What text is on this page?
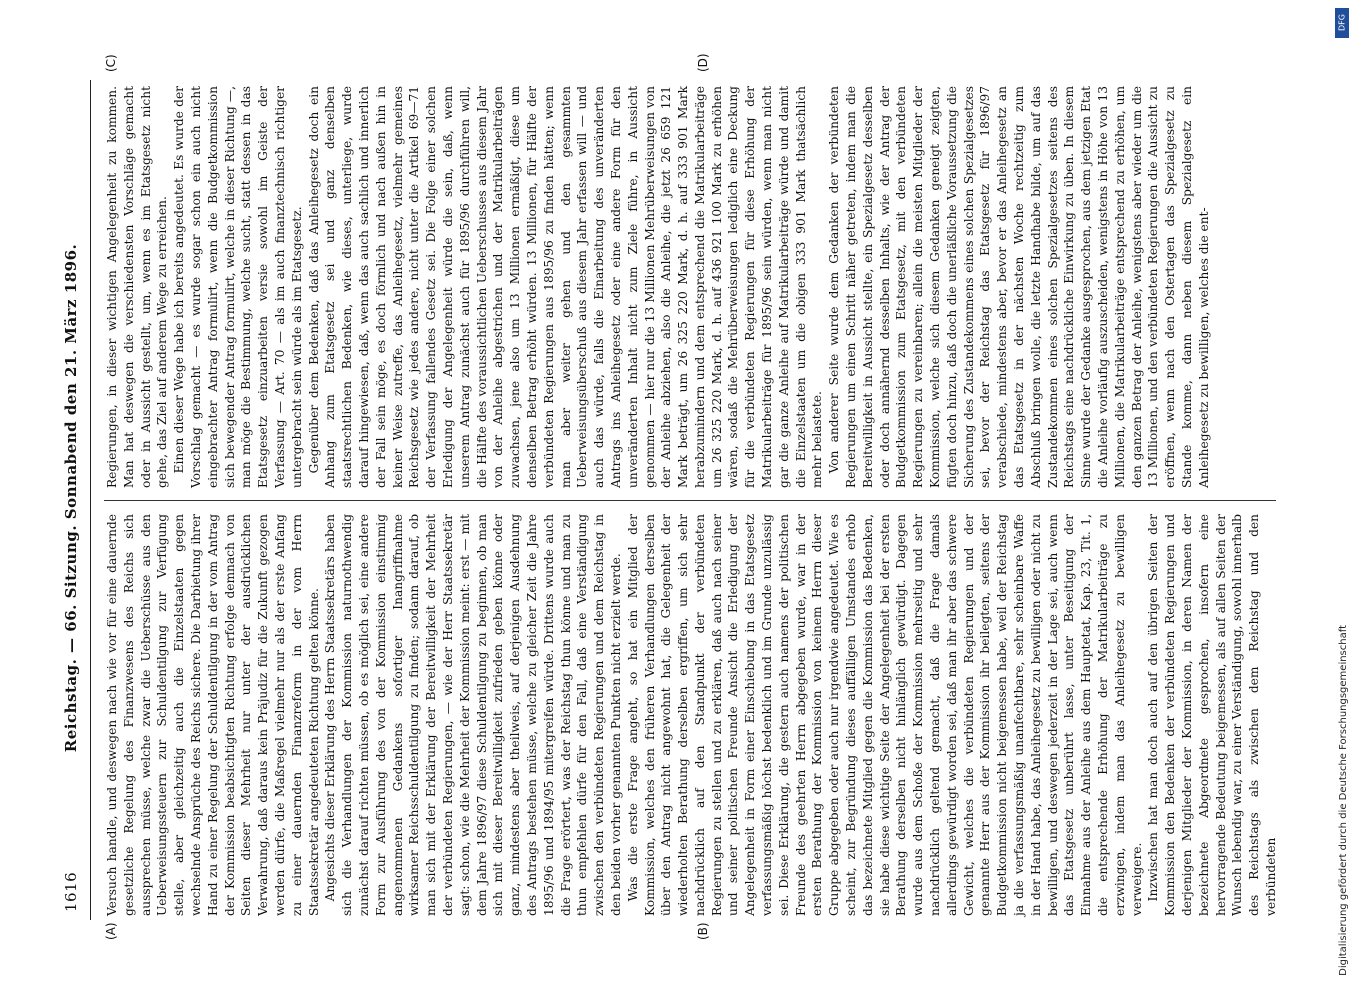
1616
Reichstag. — 66. Sitzung. Sonnabend den 21. März 1896.
(A)	(B)
(C)	(D)

Versuch handle, und deswegen nach wie vor für eine dauernde gesetzliche Regelung des Finanzwesens des Reichs sich aussprechen müsse, welche zwar die Ueberschüsse aus den Ueberweisungssteuern zur Schuldentilgung zur Verfügung stelle, aber gleichzeitig auch die Einzelstaaten gegen wechselnde Ansprüche des Reichs sichere. Die Darbietung ihrer Hand zu einer Regelung der Schuldentilgung in der vom Antrag der Kommission beabsichtigten Richtung erfolge demnach von Seiten dieser Mehrheit nur unter der ausdrücklichen Verwahrung, daß daraus kein Präjudiz für die Zukunft gezogen werden dürfe, die Maßregel vielmehr nur als der erste Anfang zu einer dauernden Finanzreform in der vom Herrn Staatssekretär angedeuteten Richtung gelten könne. Angesichts dieser Erklärung des Herrn Staatssekretärs haben sich die Verhandlungen der Kommission naturnothwendig zunächst darauf richten müssen, ob es möglich sei, eine andere Form zur Ausführung des von der Kommission einstimmig angenommenen Gedankens sofortiger Inangriffnahme wirksamer Reichsschuldentilgung zu finden; sodann darauf, ob man sich mit der Erklärung der Bereitwilligkeit der Mehrheit der verbündeten Regierungen, — wie der Herr Staatssekretär sagt: schon, wie die Mehrheit der Kommission meint: erst — mit dem Jahre 1896/97 diese Schuldentilgung zu beginnen, ob man sich mit dieser Bereitwilligkeit zufrieden geben könne oder ganz, mindestens aber theilweis, auf derjenigen Ausdehnung des Antrags bestehen müsse, welche zu gleicher Zeit die Jahre 1895/96 und 1894/95 mitergreifen würde. Drittens wurde auch die Frage erörtert, was der Reichstag thun könne und man zu thun empfehlen dürfe für den Fall, daß eine Verständigung zwischen den verbündeten Regierungen und dem Reichstag in den beiden vorher genannten Punkten nicht erzielt werde. Was die erste Frage angeht, so hat ein Mitglied der Kommission, welches den früheren Verhandlungen derselben über den Antrag nicht angewohnt hat, die Gelegenheit der wiederholten Berathung derselben ergriffen, um sich sehr nachdrücklich auf den Standpunkt der verbündeten Regierungen zu stellen und zu erklären, daß auch nach seiner und seiner politischen Freunde Ansicht die Erledigung der Angelegenheit in Form einer Einschiebung in das Etatsgesetz verfassungsmäßig höchst bedenklich und im Grunde unzulässig sei. Diese Erklärung, die gestern auch namens der politischen Freunde des geehrten Herrn abgegeben wurde, war in der ersten Berathung der Kommission von keinem Herrn dieser Gruppe abgegeben oder auch nur irgendwie angedeutet. Wie es scheint, zur Begründung dieses auffälligen Umstandes erhob das bezeichnete Mitglied gegen die Kommission das Bedenken, sie habe diese wichtige Seite der Angelegenheit bei der ersten Berathung derselben nicht hinlänglich gewürdigt. Dagegen wurde aus dem Schoße der Kommission mehrseitig und sehr nachdrücklich geltend gemacht, daß die Frage damals allerdings gewürdigt worden sei, daß man ihr aber das schwere Gewicht, welches die verbündeten Regierungen und der genannte Herr aus der Kommission ihr beilegten, seitens der Budgetkommission nicht beigemessen habe, weil der Reichstag ja die verfassungsmäßig unanfechtbare, sehr scheinbare Waffe in der Hand habe, das Anleihegesetz zu bewilligen oder nicht zu bewilligen, und deswegen jederzeit in der Lage sei, auch wenn das Etatsgesetz unberührt lasse, unter Beseitigung der Einnahme aus der Anleihe aus dem Hauptetat, Kap. 23, Tit. 1, die entsprechende Erhöhung der Matrikularbeiträge zu erzwingen, indem man das Anleihegesetz zu bewilligen verweigere. Inzwischen hat man doch auch auf den übrigen Seiten der Kommission den Bedenken der verbündeten Regierungen und derjenigen Mitglieder der Kommission, in deren Namen der bezeichnete Abgeordnete gesprochen, insofern eine hervorragende Bedeutung beigemessen, als auf allen Seiten der Wunsch lebendig war, zu einer Verständigung, sowohl innerhalb des Reichstags als zwischen dem Reichstag und den verbündeten

Regierungen, in dieser wichtigen Angelegenheit zu kommen. Man hat deswegen die verschiedensten Vorschläge gemacht oder in Aussicht gestellt, um, wenn es im Etatsgesetz nicht gehe, das Ziel auf anderem Wege zu erreichen. Einen dieser Wege habe ich bereits angedeutet. Es wurde der Vorschlag gemacht — es wurde sogar schon ein auch nicht eingebrachter Antrag formulirt, wenn die Budgetkommission sich bewegender Antrag formulirt, welche in dieser Richtung —, man möge die Bestimmung, welche sucht, statt dessen in das Etatsgesetz einzuarbeiten versie sowohl im Geiste der Verfassung — Art. 70 — als im auch finanztechnisch richtiger untergebracht sein würde als im Etatsgesetz. Gegenüber dem Bedenken, daß das Anleihegesetz doch ein Anhang zum Etatsgesetz sei und ganz denselben staatsrechtlichen Bedenken, wie dieses, unterliege, wurde darauf hingewiesen, daß, wenn das auch sachlich und innerlich der Fall sein möge, es doch förmlich und nach außen hin in keiner Weise zutreffe, das Anleihegesetz, vielmehr gemeines Reichsgesetz wie jedes andere, nicht unter die Artikel 69—71 der Verfassung fallendes Gesetz sei. Die Folge einer solchen Erledigung der Angelegenheit würde die sein, daß, wenn unserem Antrag zunächst auch für 1895/96 durchführen will, die Hälfte des voraussichtlichen Ueberschusses aus diesem Jahr von der Anleihe abgestrichen und der Matrikularbeiträgen zuwachsen, jene also um 13 Millionen ermäßigt, diese um denselben Betrag erhöht würden. 13 Millionen, für Hälfte der verbündeten Regierungen aus 1895/96 zu finden hätten; wenn man aber weiter gehen und den gesammten Ueberweisungsüberschuß aus diesem Jahr erfassen will — und auch das würde, falls die Einarbeitung des unveränderten Antrags ins Anleihegesetz oder eine andere Form für den unveränderten Inhalt nicht zum Ziele führe, in Aussicht genommen — hier nur die 13 Millionen Mehrüberweisungen von der Anleihe abziehen, also die Anleihe, die jetzt 26 659 121 Mark beträgt, um 26 325 220 Mark, d. h. auf 333 901 Mark herabzumindern und dem entsprechend die Matrikularbeiträge um 26 325 220 Mark, d. h. auf 436 921 100 Mark zu erhöhen wären, sodaß die Mehrüberweisungen lediglich eine Deckung für die verbündeten Regierungen für diese Erhöhung der Matrikularbeiträge für 1895/96 sein würden, wenn man nicht gar die ganze Anleihe auf Matrikularbeiträge würde und damit die Einzelstaaten um die obigen 333 901 Mark thatsächlich mehr belastete. Von anderer Seite wurde dem Gedanken der verbündeten Regierungen um einen Schritt näher getreten, indem man die Bereitwilligkeit in Aussicht stellte, ein Spezialgesetz desselben oder doch annähernd desselben Inhalts, wie der Antrag der Budgetkommission zum Etatsgesetz, mit den verbündeten Regierungen zu vereinbaren; allein die meisten Mitglieder der Kommission, welche sich diesem Gedanken geneigt zeigten, fügten doch hinzu, daß doch die unerläßliche Voraussetzung die Sicherung des Zustandekommens eines solchen Spezialgesetzes sei, bevor der Reichstag das Etatsgesetz für 1896/97 verabschiede, mindestens aber, bevor er das Anleihegesetz an das Etatsgesetz in der nächsten Woche rechtzeitig zum Abschluß bringen wolle, die letzte Handhabe bilde, um auf das Zustandekommen eines solchen Spezialgesetzes seitens des Reichstags eine nachdrückliche Einwirkung zu üben. In diesem Sinne wurde der Gedanke ausgesprochen, aus dem jetzigen Etat die Anleihe vorläufig auszuscheiden, wenigstens in Höhe von 13 Millionen, die Matrikularbeiträge entsprechend zu erhöhen, um den ganzen Betrag der Anleihe, wenigstens aber wieder um die 13 Millionen, und den verbündeten Regierungen die Aussicht zu eröffnen, wenn nach den Ostertagen das Spezialgesetz zu Stande komme, dann neben diesem Spezialgesetz ein Anleihegesetz zu bewilligen, welches die ent-

DFG
Digitalisierung gefördert durch die Deutsche Forschungsgemeinschaft
